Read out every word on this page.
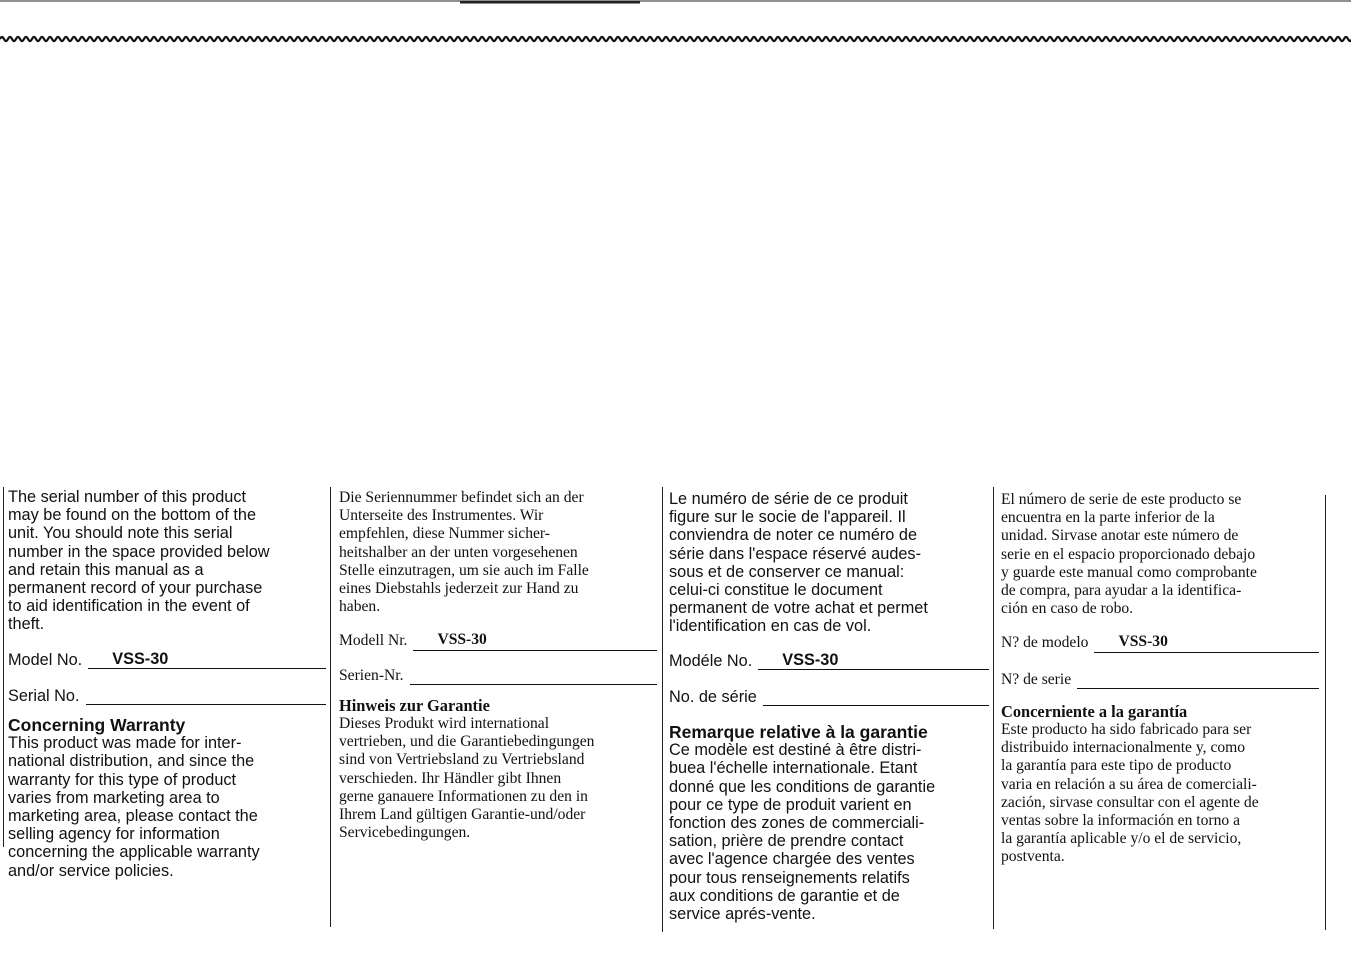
The serial number of this product
may be found on the bottom of the
unit. You should note this serial
number in the space provided below
and retain this manual as a
permanent record of your purchase
to aid identification in the event of
theft.
Model No. VSS-30
Serial No.

Concerning Warranty

This product was made for inter-
national distribution, and since the
warranty for this type of product
varies from marketing area to
marketing area, please contact the
selling agency for information
concerning the applicable warranty
and/or service policies.
Die Seriennummer befindet sich an der
Unterseite des Instrumentes. Wir
empfehlen, diese Nummer sicher-
heitshalber an der unten vorgesehenen
Stelle einzutragen, um sie auch im Falle
eines Diebstahls jederzeit zur Hand zu
haben.
Modell Nr. VSS-30
Serien-Nr.

Hinweis zur Garantie

Dieses Produkt wird international
vertrieben, und die Garantiebedingungen
sind von Vertriebsland zu Vertriebsland
verschieden. Ihr Händler gibt Ihnen
gerne ganauere Informationen zu den in
Ihrem Land gültigen Garantie-und/oder
Servicebedingungen.
Le numéro de série de ce produit
figure sur le socie de l'appareil. Il
conviendra de noter ce numéro de
série dans l'espace réservé audes-
sous et de conserver ce manual:
celui-ci constitue le document
permanent de votre achat et permet
l'identification en cas de vol.
Modéle No. VSS-30
No. de série

Remarque relative à la garantie

Ce modèle est destiné à être distri-
buea l'échelle internationale. Etant
donné que les conditions de garantie
pour ce type de produit varient en
fonction des zones de commerciali-
sation, prière de prendre contact
avec l'agence chargée des ventes
pour tous renseignements relatifs
aux conditions de garantie et de
service aprés-vente.
El número de serie de este producto se
encuentra en la parte inferior de la
unidad. Sirvase anotar este número de
serie en el espacio proporcionado debajo
y guarde este manual como comprobante
de compra, para ayudar a la identifica-
ción en caso de robo.
N? de modelo VSS-30
N? de serie

Concerniente a la garantía

Este producto ha sido fabricado para ser
distribuido internacionalmente y, como
la garantía para este tipo de producto
varia en relación a su área de comerciali-
zación, sirvase consultar con el agente de
ventas sobre la información en torno a
la garantía aplicable y/o el de servicio,
postventa.
